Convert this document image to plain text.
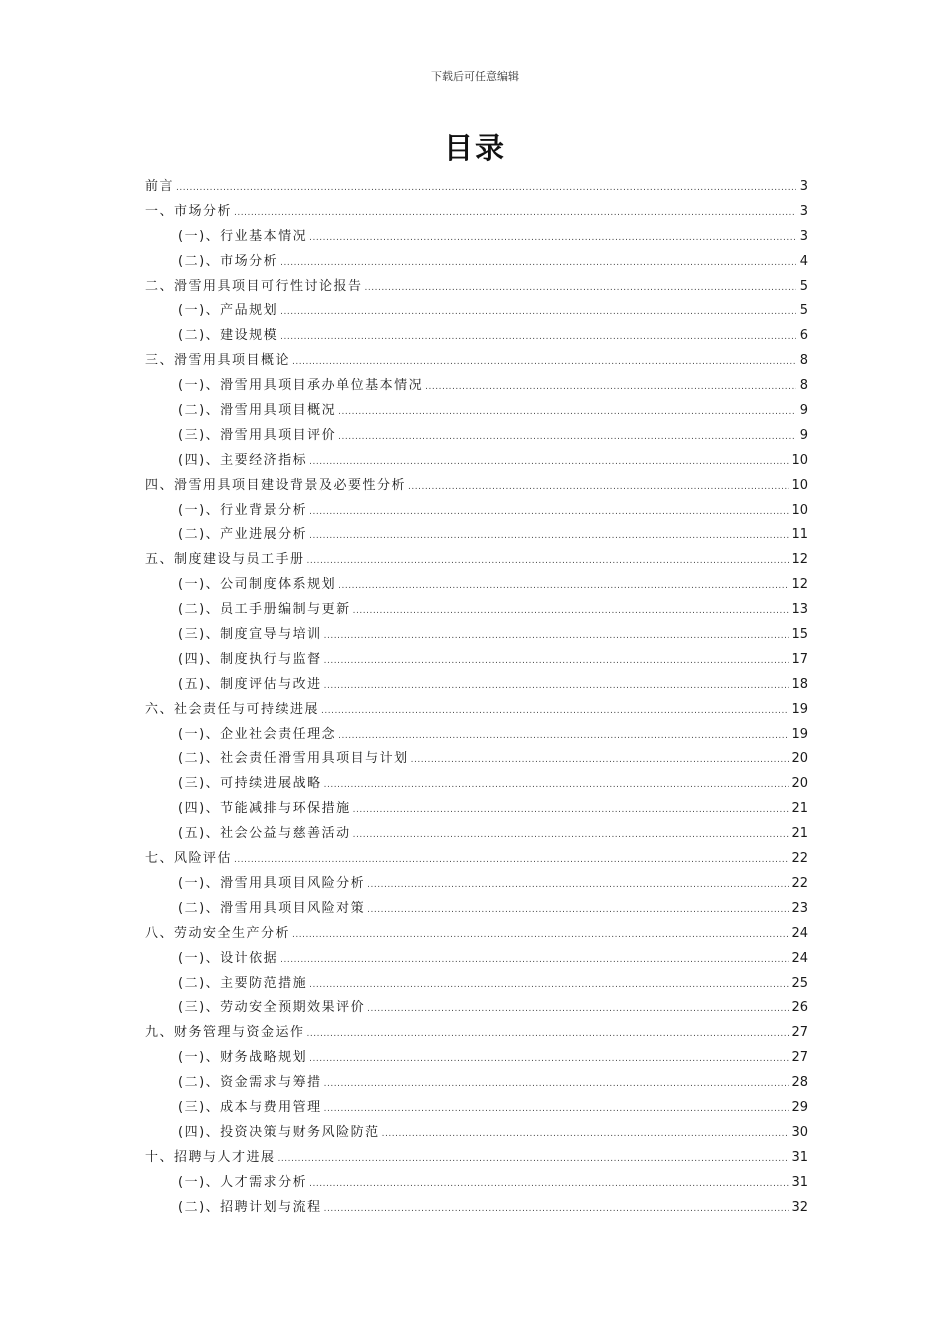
下载后可任意编辑
目录
前言 .....	3
一、市场分析 .....	3
(一)、行业基本情况 .....	3
(二)、市场分析 .....	4
二、滑雪用具项目可行性讨论报告 .....	5
(一)、产品规划 .....	5
(二)、建设规模 .....	6
三、滑雪用具项目概论 .....	8
(一)、滑雪用具项目承办单位基本情况 .....	8
(二)、滑雪用具项目概况 .....	9
(三)、滑雪用具项目评价 .....	9
(四)、主要经济指标 .....	10
四、滑雪用具项目建设背景及必要性分析 .....	10
(一)、行业背景分析 .....	10
(二)、产业进展分析 .....	11
五、制度建设与员工手册 .....	12
(一)、公司制度体系规划 .....	12
(二)、员工手册编制与更新 .....	13
(三)、制度宣导与培训 .....	15
(四)、制度执行与监督 .....	17
(五)、制度评估与改进 .....	18
六、社会责任与可持续进展 .....	19
(一)、企业社会责任理念 .....	19
(二)、社会责任滑雪用具项目与计划 .....	20
(三)、可持续进展战略 .....	20
(四)、节能减排与环保措施 .....	21
(五)、社会公益与慈善活动 .....	21
七、风险评估 .....	22
(一)、滑雪用具项目风险分析 .....	22
(二)、滑雪用具项目风险对策 .....	23
八、劳动安全生产分析 .....	24
(一)、设计依据 .....	24
(二)、主要防范措施 .....	25
(三)、劳动安全预期效果评价 .....	26
九、财务管理与资金运作 .....	27
(一)、财务战略规划 .....	27
(二)、资金需求与筹措 .....	28
(三)、成本与费用管理 .....	29
(四)、投资决策与财务风险防范 .....	30
十、招聘与人才进展 .....	31
(一)、人才需求分析 .....	31
(二)、招聘计划与流程 .....	32
